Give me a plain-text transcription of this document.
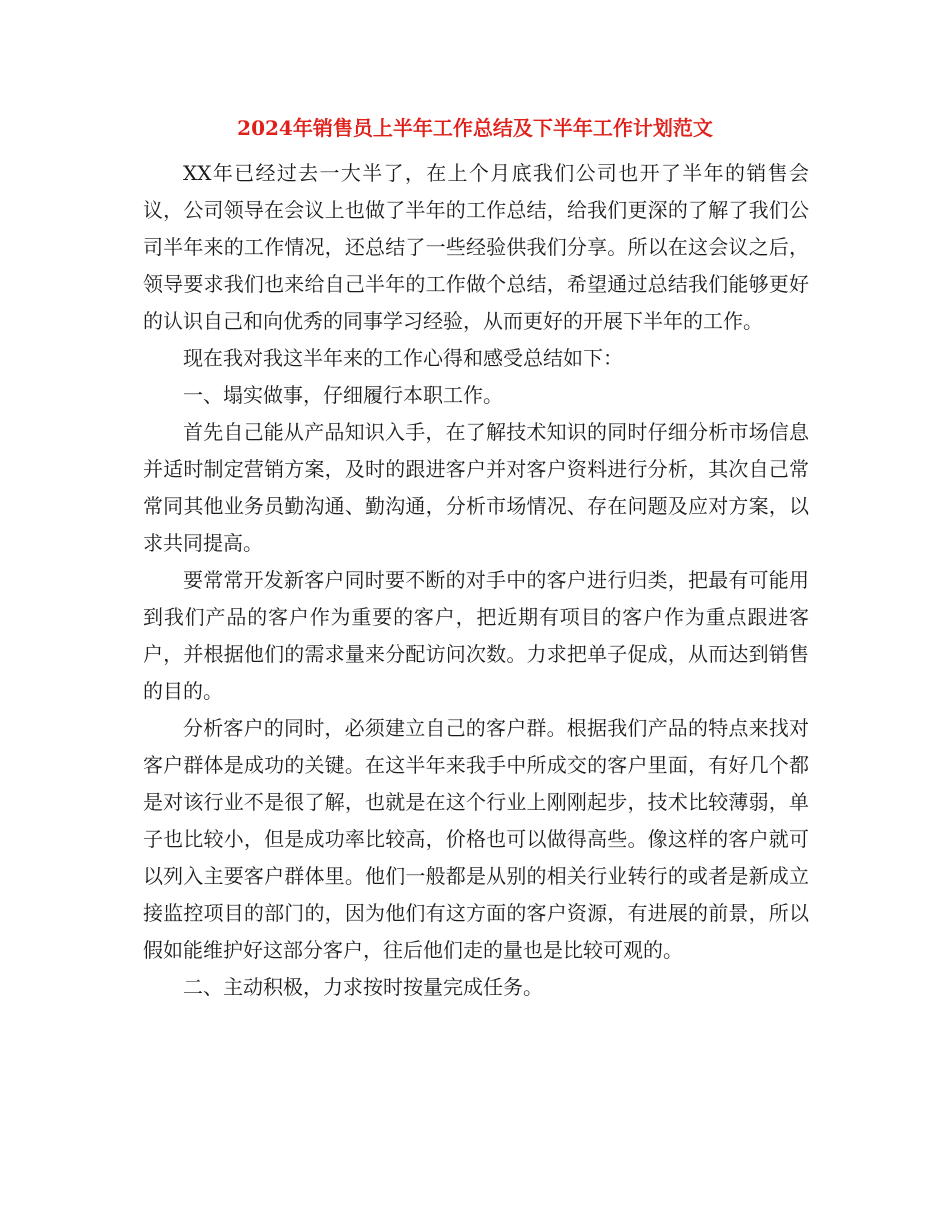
2024年销售员上半年工作总结及下半年工作计划范文

XX年已经过去一大半了，在上个月底我们公司也开了半年的销售会议，公司领导在会议上也做了半年的工作总结，给我们更深的了解了我们公司半年来的工作情况，还总结了一些经验供我们分享。所以在这会议之后，领导要求我们也来给自己半年的工作做个总结，希望通过总结我们能够更好的认识自己和向优秀的同事学习经验，从而更好的开展下半年的工作。

现在我对我这半年来的工作心得和感受总结如下：

一、塌实做事，仔细履行本职工作。

首先自己能从产品知识入手，在了解技术知识的同时仔细分析市场信息并适时制定营销方案，及时的跟进客户并对客户资料进行分析，其次自己常常同其他业务员勤沟通、勤沟通，分析市场情况、存在问题及应对方案，以求共同提高。

要常常开发新客户同时要不断的对手中的客户进行归类，把最有可能用到我们产品的客户作为重要的客户，把近期有项目的客户作为重点跟进客户，并根据他们的需求量来分配访问次数。力求把单子促成，从而达到销售的目的。

分析客户的同时，必须建立自己的客户群。根据我们产品的特点来找对客户群体是成功的关键。在这半年来我手中所成交的客户里面，有好几个都是对该行业不是很了解，也就是在这个行业上刚刚起步，技术比较薄弱，单子也比较小，但是成功率比较高，价格也可以做得高些。像这样的客户就可以列入主要客户群体里。他们一般都是从别的相关行业转行的或者是新成立接监控项目的部门的，因为他们有这方面的客户资源，有进展的前景，所以假如能维护好这部分客户，往后他们走的量也是比较可观的。

二、主动积极，力求按时按量完成任务。
